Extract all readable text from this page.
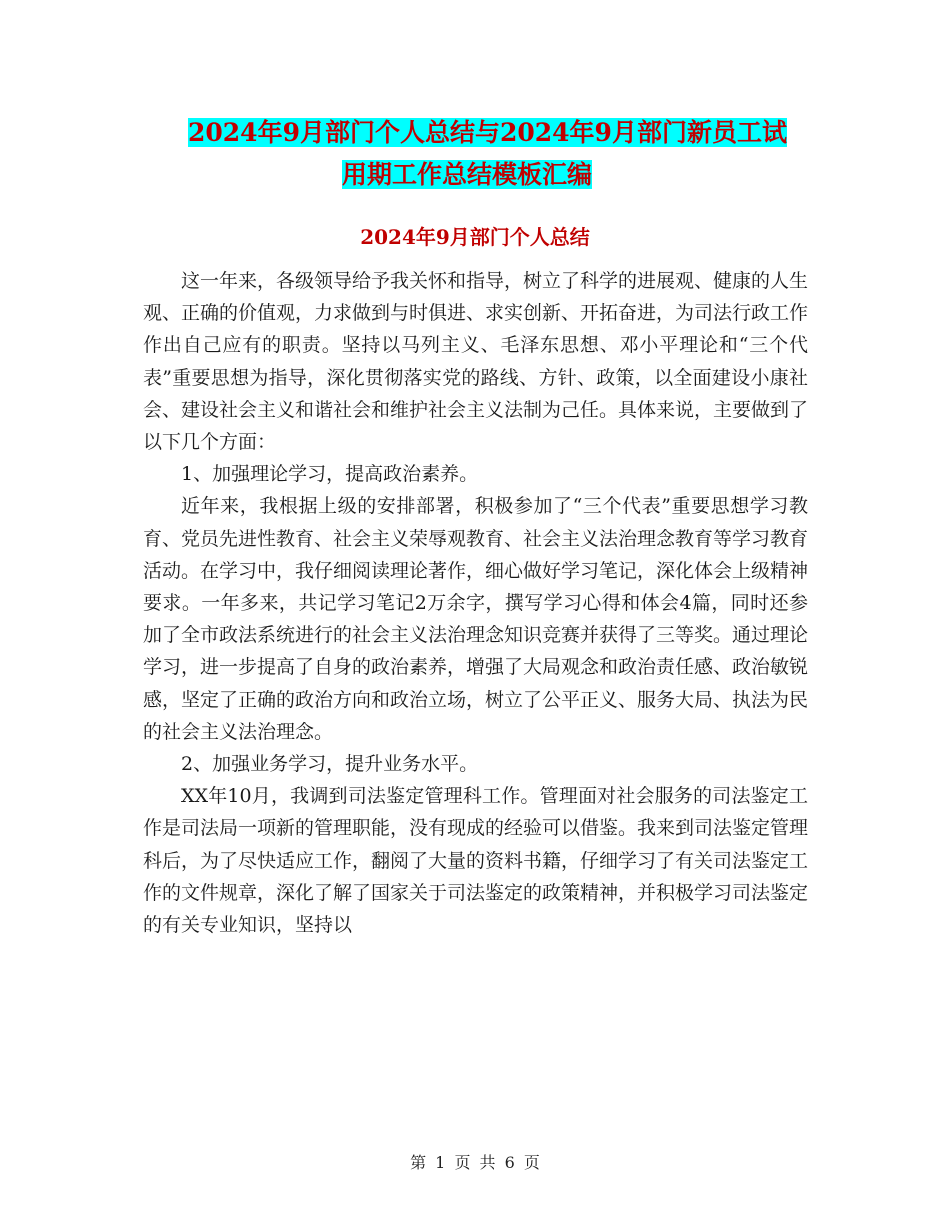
2024年9月部门个人总结与2024年9月部门新员工试
用期工作总结模板汇编
2024年9月部门个人总结

这一年来，各级领导给予我关怀和指导，树立了科学的进展观、健康的人生观、正确的价值观，力求做到与时俱进、求实创新、开拓奋进，为司法行政工作作出自己应有的职责。坚持以马列主义、毛泽东思想、邓小平理论和“三个代表”重要思想为指导，深化贯彻落实党的路线、方针、政策，以全面建设小康社会、建设社会主义和谐社会和维护社会主义法制为己任。具体来说，主要做到了以下几个方面：

1、加强理论学习，提高政治素养。

近年来，我根据上级的安排部署，积极参加了“三个代表”重要思想学习教育、党员先进性教育、社会主义荣辱观教育、社会主义法治理念教育等学习教育活动。在学习中，我仔细阅读理论著作，细心做好学习笔记，深化体会上级精神要求。一年多来，共记学习笔记2万余字，撰写学习心得和体会4篇，同时还参加了全市政法系统进行的社会主义法治理念知识竞赛并获得了三等奖。通过理论学习，进一步提高了自身的政治素养，增强了大局观念和政治责任感、政治敏锐感，坚定了正确的政治方向和政治立场，树立了公平正义、服务大局、执法为民的社会主义法治理念。

2、加强业务学习，提升业务水平。

XX年10月，我调到司法鉴定管理科工作。管理面对社会服务的司法鉴定工作是司法局一项新的管理职能，没有现成的经验可以借鉴。我来到司法鉴定管理科后，为了尽快适应工作，翻阅了大量的资料书籍，仔细学习了有关司法鉴定工作的文件规章，深化了解了国家关于司法鉴定的政策精神，并积极学习司法鉴定的有关专业知识，坚持以

第 1 页 共 6 页
